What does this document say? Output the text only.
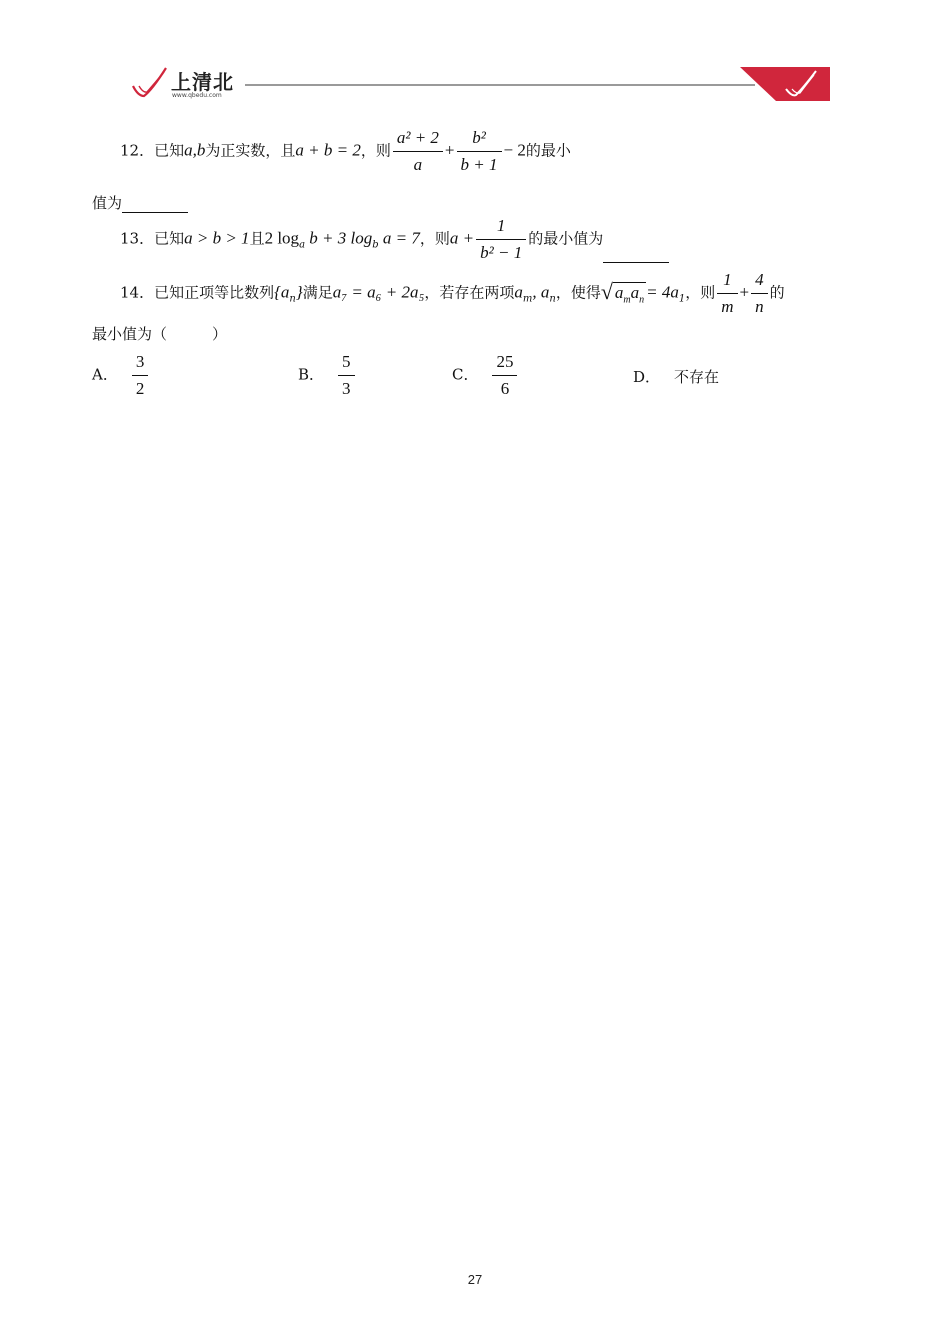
上清北
www.qbedu.com
12．已知a,b为正实数，且a + b = 2，则 $\frac{\text{a² + 2}}{a} + \frac{\text{b²}}{b + 1} - 2$的最小
值为
13．已知a > b > 1且2 $\log_a b + 3$ $\log_b a = 7$，则$a + \frac{1}{\text{b² − 1}}$ 的最小值为
14．已知正项等比数列$\{a_n\}$满足a₇ = a₆ + 2a₅，若存在两项$a_m$, $a_n$，使得 √ $a_ma_n = 4a_1$，则 $\frac{1}{m} + \frac{4}{n}$ 的
最小值为（　　　）
A． $\frac{3}{2}$	B． $\frac{5}{3}$	C． $\frac{25}{6}$	D． 不存在
27
